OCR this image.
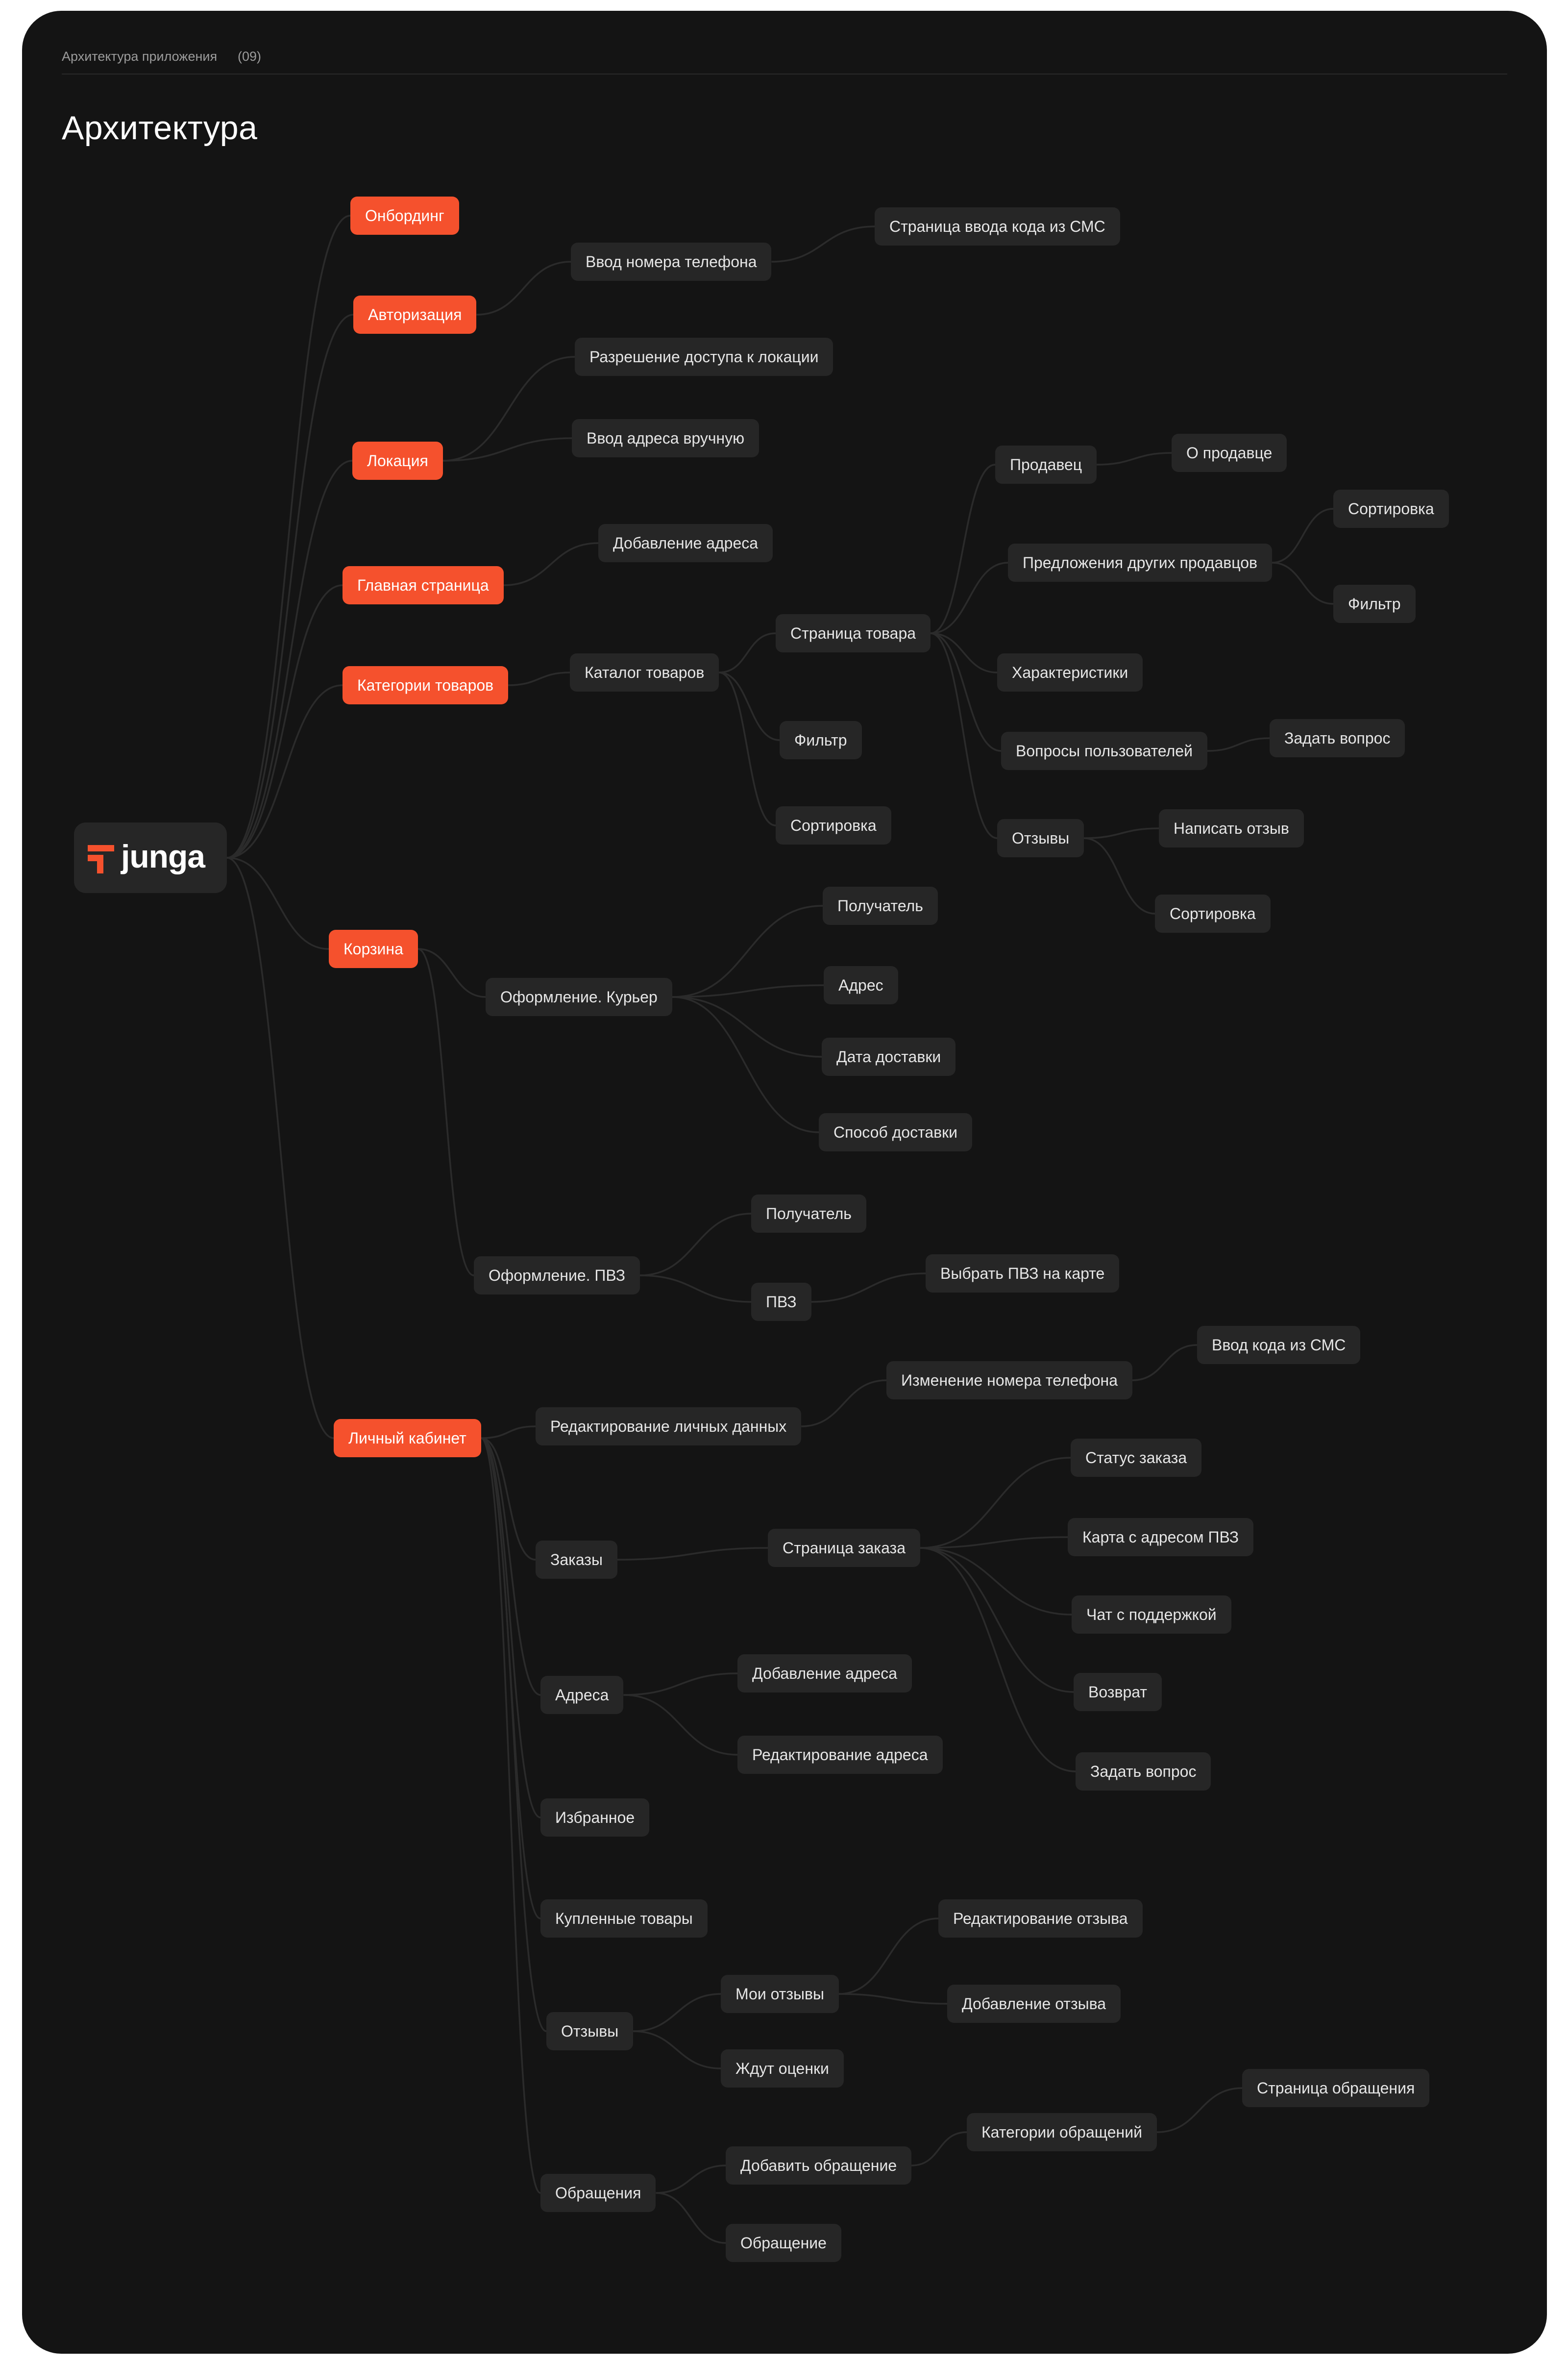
Архитектура приложения (09)
Архитектура
junga
Онбординг
Авторизация
Ввод номера телефона
Страница ввода кода из СМС
Локация
Разрешение доступа к локации
Ввод адреса вручную
Главная страница
Добавление адреса
Категории товаров
Каталог товаров
Страница товара
Продавец
О продавце
Предложения других продавцов
Сортировка
Фильтр
Характеристики
Вопросы пользователей
Задать вопрос
Отзывы
Написать отзыв
Сортировка
Фильтр
Сортировка
Корзина
Оформление. Курьер
Получатель
Адрес
Дата доставки
Способ доставки
Оформление. ПВЗ
Получатель
ПВЗ
Выбрать ПВЗ на карте
Личный кабинет
Редактирование личных данных
Изменение номера телефона
Ввод кода из СМС
Заказы
Страница заказа
Статус заказа
Карта с адресом ПВЗ
Чат с поддержкой
Возврат
Задать вопрос
Адреса
Добавление адреса
Редактирование адреса
Избранное
Купленные товары
Отзывы
Мои отзывы
Редактирование отзыва
Добавление отзыва
Ждут оценки
Обращения
Добавить обращение
Категории обращений
Страница обращения
Обращение
